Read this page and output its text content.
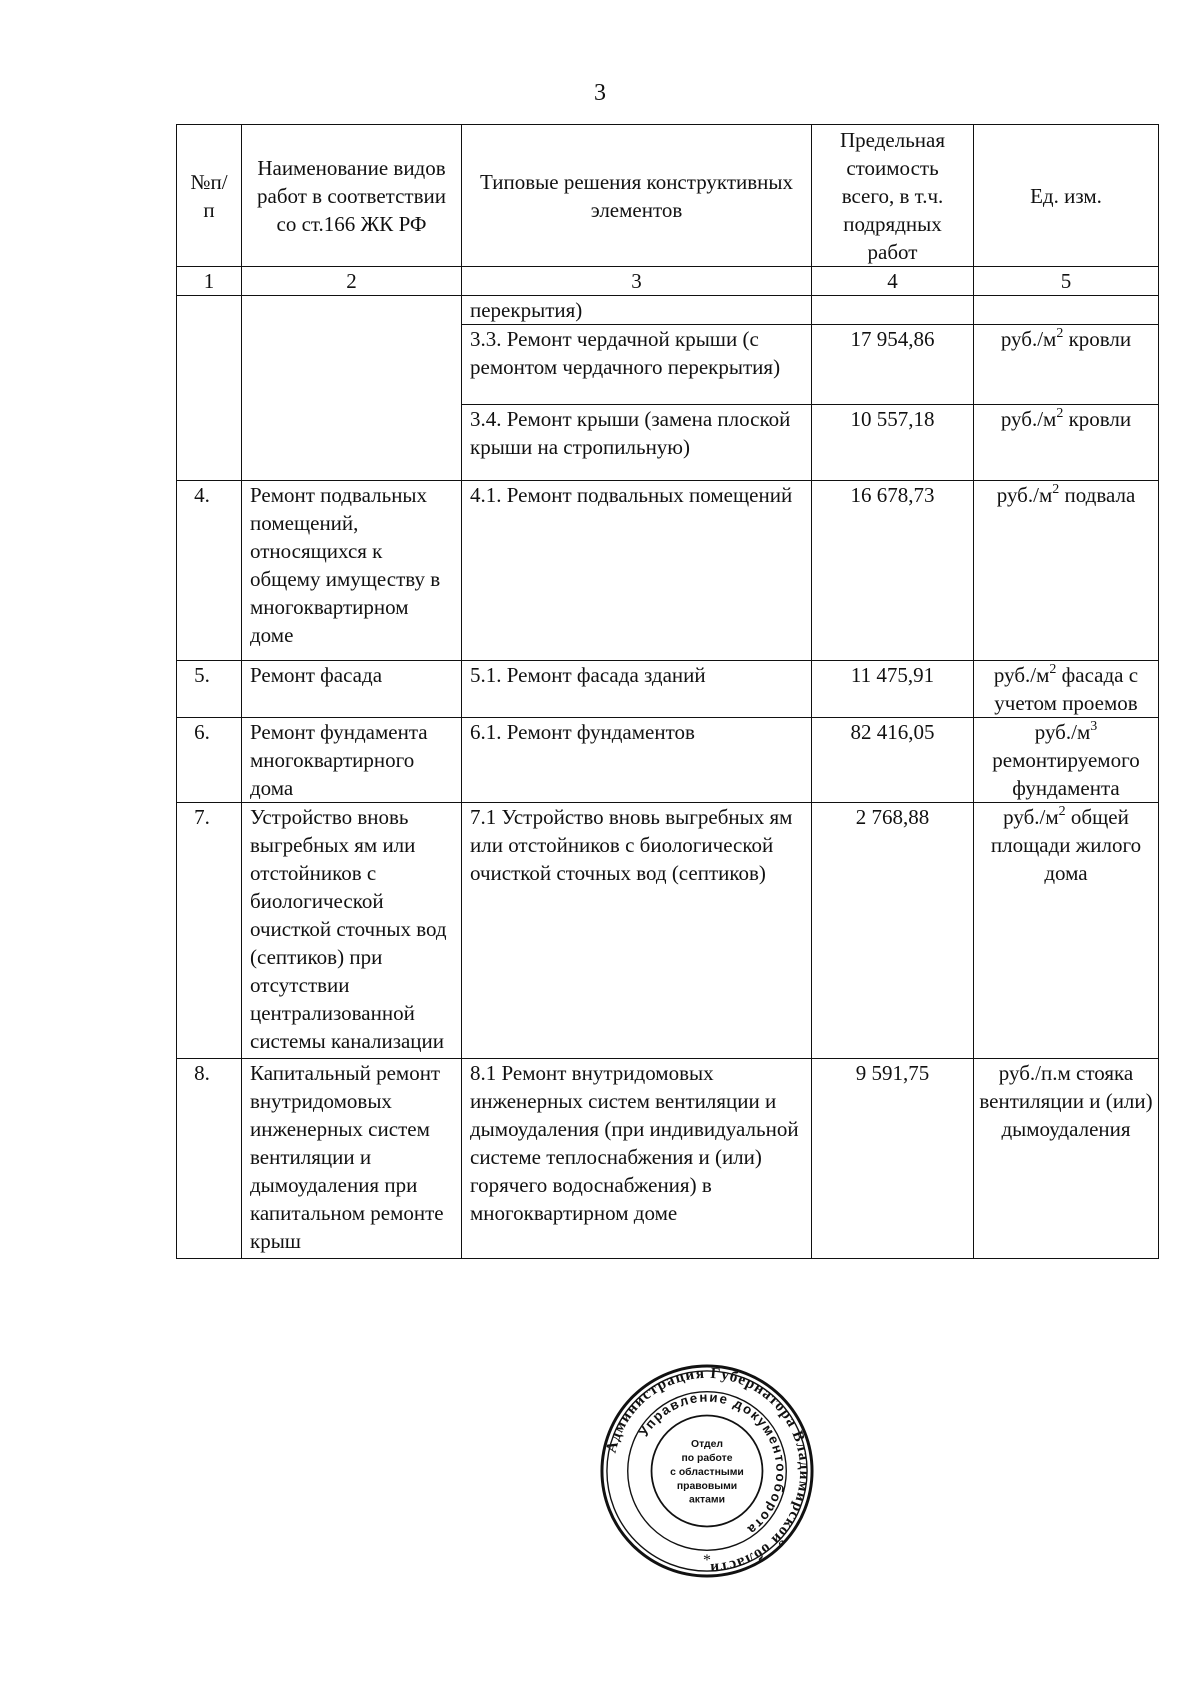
3
№п/ п	Наименование видов работ в соответствии со ст.166 ЖК РФ	Типовые решения конструктивных элементов	Предельная стоимость всего, в т.ч. подрядных работ	Ед. изм.
1	2	3	4	5
		перекрытия)		
		3.3. Ремонт чердачной крыши (с ремонтом чердачного перекрытия)	17 954,86	$руб./м^2$ кровли
		3.4. Ремонт крыши (замена плоской крыши на стропильную)	10 557,18	$руб./м^2$ кровли
4.	Ремонт подвальных помещений, относящихся к общему имуществу в многоквартирном доме	4.1. Ремонт подвальных помещений	16 678,73	$руб./м^2$ подвала
5.	Ремонт фасада	5.1. Ремонт фасада зданий	11 475,91	$руб./м^2$ фасада с учетом проемов
6.	Ремонт фундамента многоквартирного дома	6.1. Ремонт фундаментов	82 416,05	$руб./м^3$ ремонтируемого фундамента
7.	Устройство вновь выгребных ям или отстойников с биологической очисткой сточных вод (септиков) при отсутствии централизованной системы канализации	7.1 Устройство вновь выгребных ям или отстойников с биологической очисткой сточных вод (септиков)	2 768,88	$руб./м^2$ общей площади жилого дома
8.	Капитальный ремонт внутридомовых инженерных систем вентиляции и дымоудаления при капитальном ремонте крыш	8.1 Ремонт внутридомовых инженерных систем вентиляции и дымоудаления (при индивидуальной системе теплоснабжения и (или) горячего водоснабжения) в многоквартирном доме	9 591,75	руб./п.м стояка вентиляции и (или) дымоудаления
Администрация Губернатора Владимирской области
Управление документооборота
Отдел
по работе
с областными
правовыми
актами
*
